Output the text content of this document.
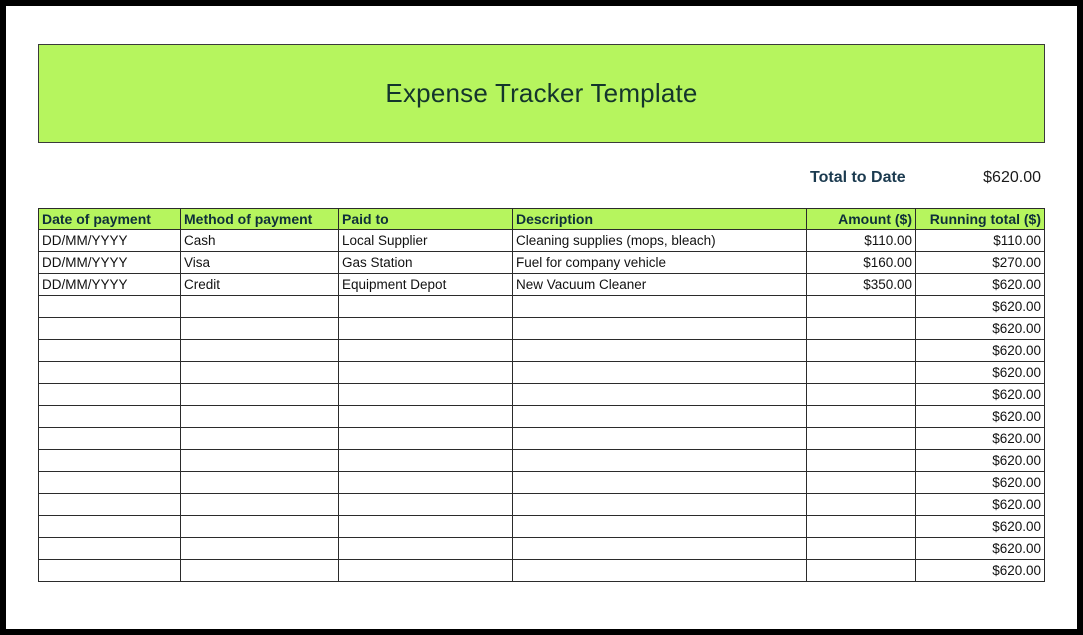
Expense Tracker Template
Total to Date	$620.00
Date of payment	Method of payment	Paid to	Description	Amount ($)	Running total ($)
DD/MM/YYYY	Cash	Local Supplier	Cleaning supplies (mops, bleach)	$110.00	$110.00
DD/MM/YYYY	Visa	Gas Station	Fuel for company vehicle	$160.00	$270.00
DD/MM/YYYY	Credit	Equipment Depot	New Vacuum Cleaner	$350.00	$620.00
					$620.00
					$620.00
					$620.00
					$620.00
					$620.00
					$620.00
					$620.00
					$620.00
					$620.00
					$620.00
					$620.00
					$620.00
					$620.00
